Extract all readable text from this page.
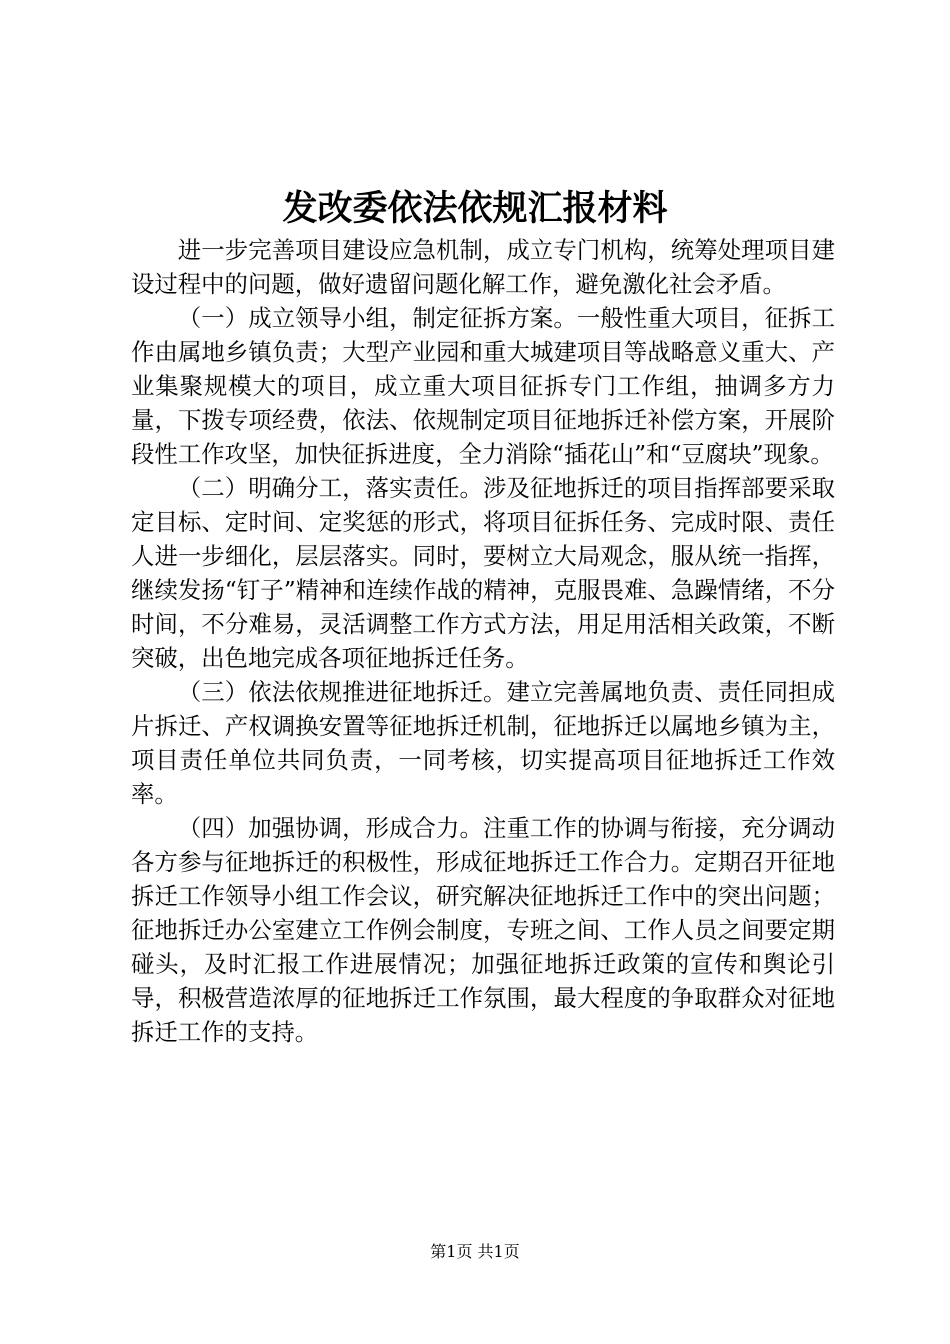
发改委依法依规汇报材料

进一步完善项目建设应急机制，成立专门机构，统筹处理项目建设过程中的问题，做好遗留问题化解工作，避免激化社会矛盾。

（一）成立领导小组，制定征拆方案。一般性重大项目，征拆工作由属地乡镇负责；大型产业园和重大城建项目等战略意义重大、产业集聚规模大的项目，成立重大项目征拆专门工作组，抽调多方力量，下拨专项经费，依法、依规制定项目征地拆迁补偿方案，开展阶段性工作攻坚，加快征拆进度，全力消除“插花山”和“豆腐块”现象。

（二）明确分工，落实责任。涉及征地拆迁的项目指挥部要采取定目标、定时间、定奖惩的形式，将项目征拆任务、完成时限、责任人进一步细化，层层落实。同时，要树立大局观念，服从统一指挥，继续发扬“钉子”精神和连续作战的精神，克服畏难、急躁情绪，不分时间，不分难易，灵活调整工作方式方法，用足用活相关政策，不断突破，出色地完成各项征地拆迁任务。

（三）依法依规推进征地拆迁。建立完善属地负责、责任同担成片拆迁、产权调换安置等征地拆迁机制，征地拆迁以属地乡镇为主，项目责任单位共同负责，一同考核，切实提高项目征地拆迁工作效率。

（四）加强协调，形成合力。注重工作的协调与衔接，充分调动各方参与征地拆迁的积极性，形成征地拆迁工作合力。定期召开征地拆迁工作领导小组工作会议，研究解决征地拆迁工作中的突出问题；征地拆迁办公室建立工作例会制度，专班之间、工作人员之间要定期碰头，及时汇报工作进展情况；加强征地拆迁政策的宣传和舆论引导，积极营造浓厚的征地拆迁工作氛围，最大程度的争取群众对征地拆迁工作的支持。

第1页 共1页
